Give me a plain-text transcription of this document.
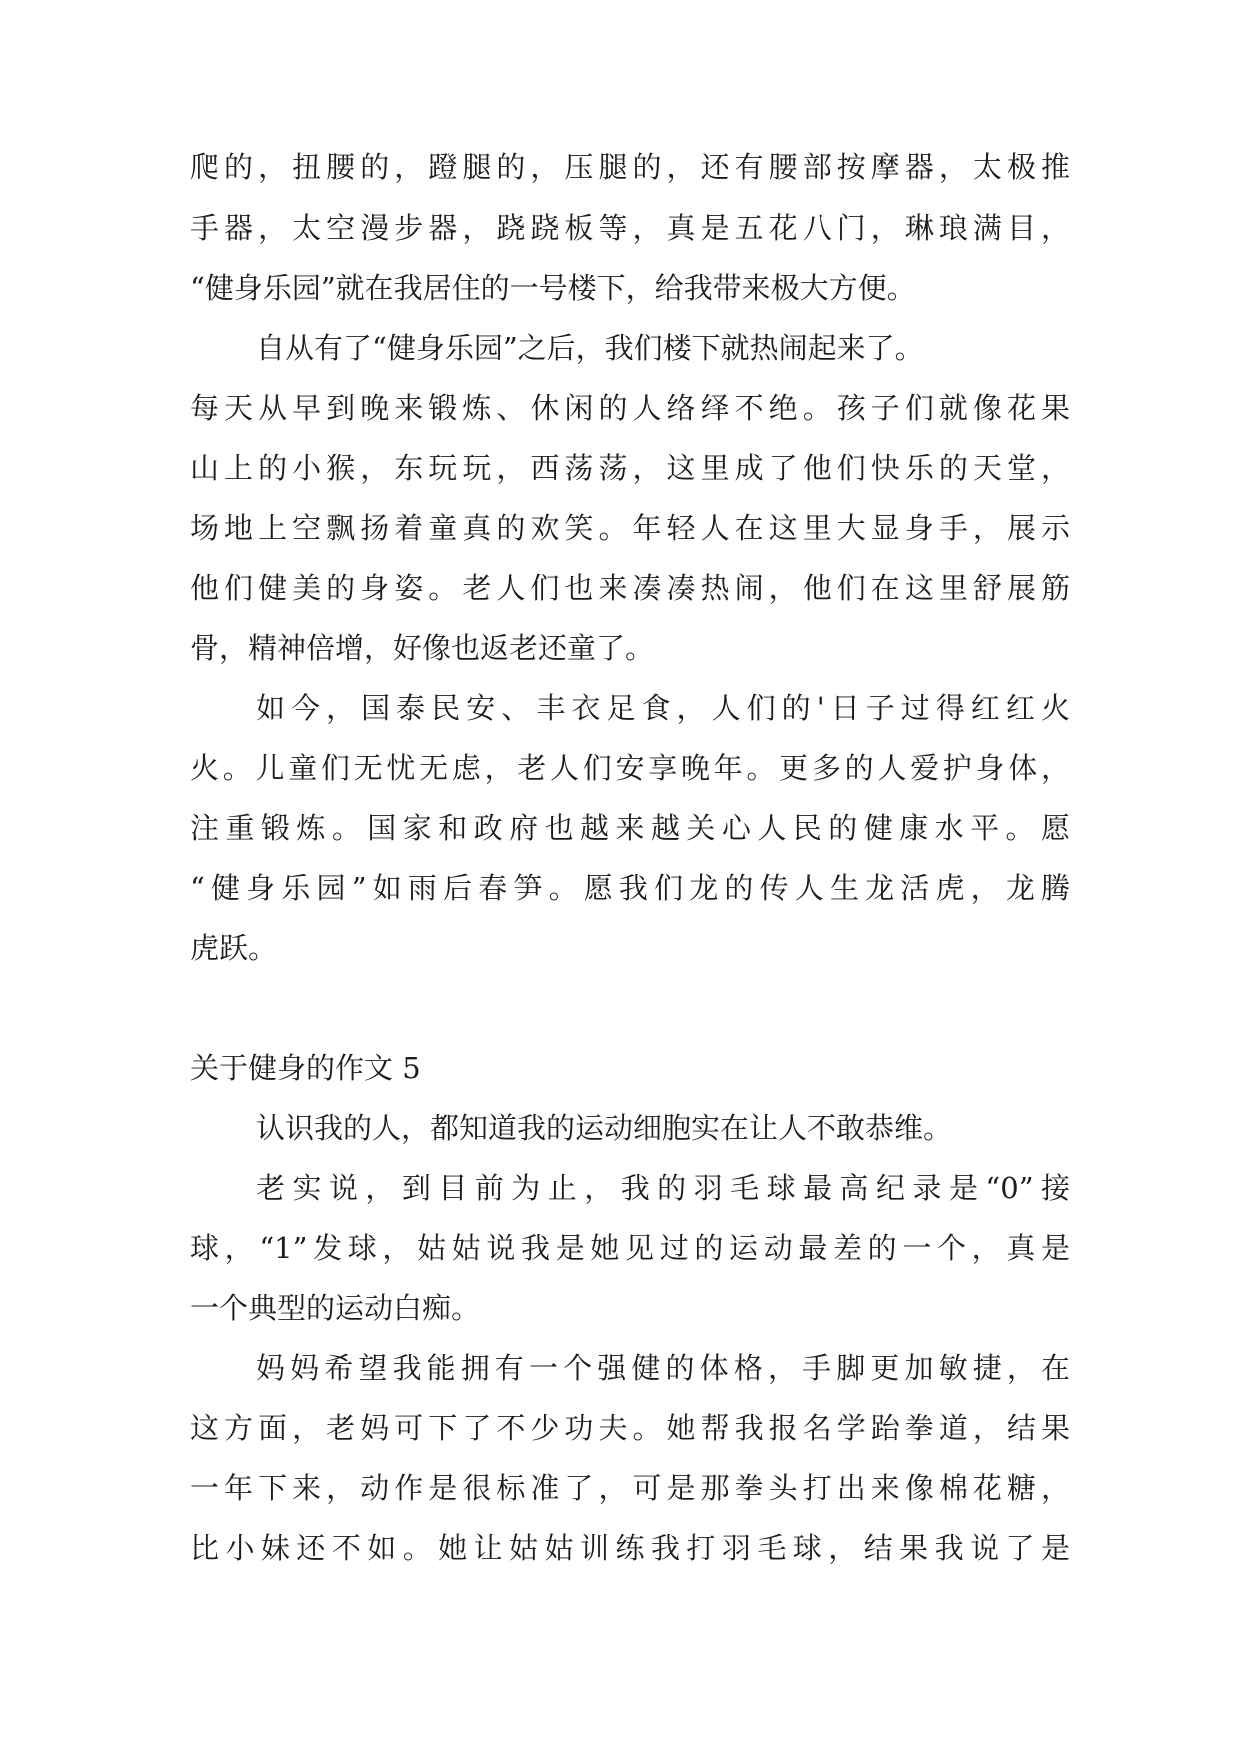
爬的，扭腰的，蹬腿的，压腿的，还有腰部按摩器，太极推
手器，太空漫步器，跷跷板等，真是五花八门，琳琅满目，
“健身乐园”就在我居住的一号楼下，给我带来极大方便。
自从有了“健身乐园”之后，我们楼下就热闹起来了。
每天从早到晚来锻炼、休闲的人络绎不绝。孩子们就像花果
山上的小猴，东玩玩，西荡荡，这里成了他们快乐的天堂，
场地上空飘扬着童真的欢笑。年轻人在这里大显身手，展示
他们健美的身姿。老人们也来凑凑热闹，他们在这里舒展筋
骨，精神倍增，好像也返老还童了。
如今，国泰民安、丰衣足食，人们的'日子过得红红火
火。儿童们无忧无虑，老人们安享晚年。更多的人爱护身体，
注重锻炼。国家和政府也越来越关心人民的健康水平。愿
“健身乐园”如雨后春笋。愿我们龙的传人生龙活虎，龙腾
虎跃。
关于健身的作文 5
认识我的人，都知道我的运动细胞实在让人不敢恭维。
老实说，到目前为止，我的羽毛球最高纪录是“0”接
球，“1”发球，姑姑说我是她见过的运动最差的一个，真是
一个典型的运动白痴。
妈妈希望我能拥有一个强健的体格，手脚更加敏捷，在
这方面，老妈可下了不少功夫。她帮我报名学跆拳道，结果
一年下来，动作是很标准了，可是那拳头打出来像棉花糖，
比小妹还不如。她让姑姑训练我打羽毛球，结果我说了是
